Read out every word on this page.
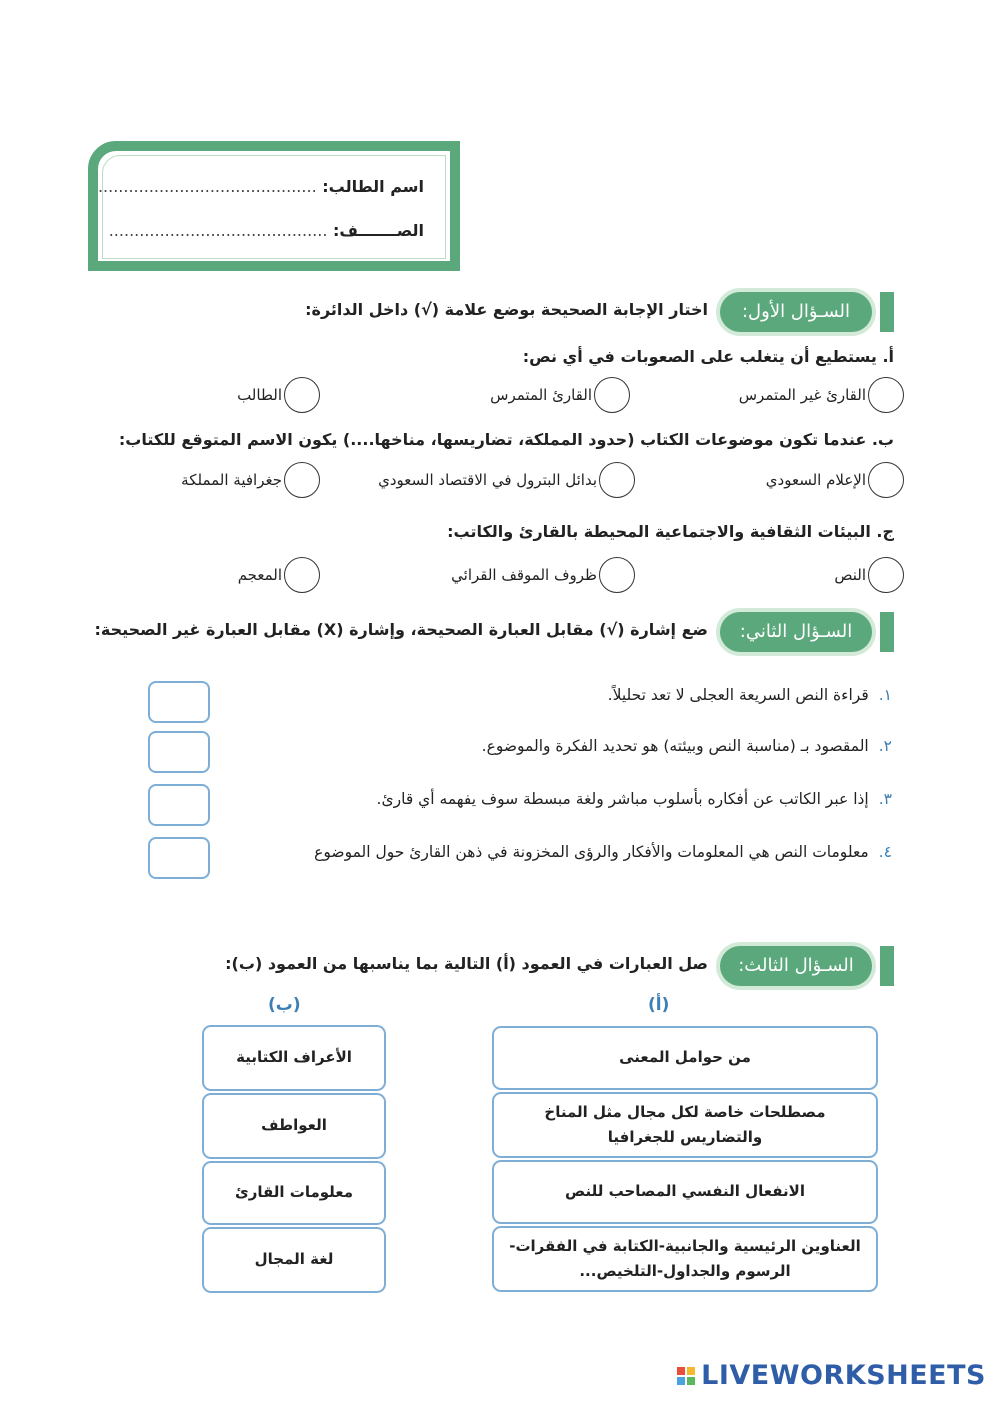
اسم الطالب: ...........................................
الصـــــــف: ...........................................
السـؤال الأول:
اختار الإجابة الصحيحة بوضع علامة (√) داخل الدائرة:
أ. يستطيع أن يتغلب على الصعوبات في أي نص:
القارئ غير المتمرس
القارئ المتمرس
الطالب
ب. عندما تكون موضوعات الكتاب (حدود المملكة، تضاريسها، مناخها....) يكون الاسم المتوقع للكتاب:
الإعلام السعودي
بدائل البترول في الاقتصاد السعودي
جغرافية المملكة
ج. البيئات الثقافية والاجتماعية المحيطة بالقارئ والكاتب:
النص
ظروف الموقف القرائي
المعجم
السـؤال الثاني:
ضع إشارة (√) مقابل العبارة الصحيحة، وإشارة (X) مقابل العبارة غير الصحيحة:
١.قراءة النص السريعة العجلى لا تعد تحليلاً.
٢.المقصود بـ (مناسبة النص وبيئته) هو تحديد الفكرة والموضوع.
٣.إذا عبر الكاتب عن أفكاره بأسلوب مباشر ولغة مبسطة سوف يفهمه أي قارئ.
٤.معلومات النص هي المعلومات والأفكار والرؤى المخزونة في ذهن القارئ حول الموضوع
السـؤال الثالث:
صل العبارات في العمود (أ) التالية بما يناسبها من العمود (ب):
(أ)
(ب)
من حوامل المعنى
مصطلحات خاصة لكل مجال مثل المناخ والتضاريس للجغرافيا
الانفعال النفسي المصاحب للنص
العناوين الرئيسية والجانبية-الكتابة في الفقرات-الرسوم والجداول-التلخيص...
الأعراف الكتابية
العواطف
معلومات القارئ
لغة المجال
LIVEWORKSHEETS
